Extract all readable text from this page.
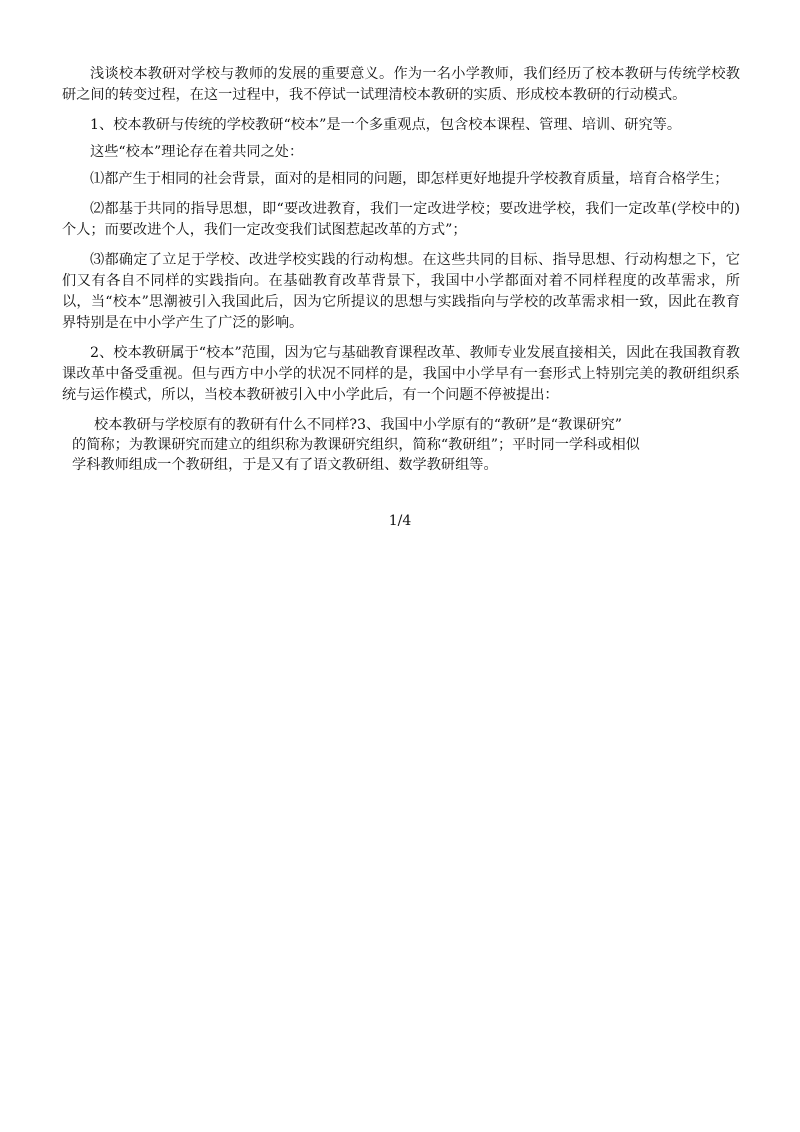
浅谈校本教研对学校与教师的发展的重要意义。作为一名小学教师，我们经历了校本教研与传统学校教研之间的转变过程，在这一过程中，我不停试一试理清校本教研的实质、形成校本教研的行动模式。

1、校本教研与传统的学校教研“校本”是一个多重观点，包含校本课程、管理、培训、研究等。

这些“校本”理论存在着共同之处：

⑴都产生于相同的社会背景，面对的是相同的问题，即怎样更好地提升学校教育质量，培育合格学生；

⑵都基于共同的指导思想，即“要改进教育，我们一定改进学校；要改进学校，我们一定改革(学校中的)个人；而要改进个人，我们一定改变我们试图惹起改革的方式”；

⑶都确定了立足于学校、改进学校实践的行动构想。在这些共同的目标、指导思想、行动构想之下，它们又有各自不同样的实践指向。在基础教育改革背景下，我国中小学都面对着不同样程度的改革需求，所以，当“校本”思潮被引入我国此后，因为它所提议的思想与实践指向与学校的改革需求相一致，因此在教育界特别是在中小学产生了广泛的影响。

2、校本教研属于“校本”范围，因为它与基础教育课程改革、教师专业发展直接相关，因此在我国教育教课改革中备受重视。但与西方中小学的状况不同样的是，我国中小学早有一套形式上特别完美的教研组织系统与运作模式，所以，当校本教研被引入中小学此后，有一个问题不停被提出：

校本教研与学校原有的教研有什么不同样?3、我国中小学原有的“教研”是“教课研究”

的简称；为教课研究而建立的组织称为教课研究组织，简称“教研组”；平时同一学科或相似

学科教师组成一个教研组，于是又有了语文教研组、数学教研组等。

1/4
